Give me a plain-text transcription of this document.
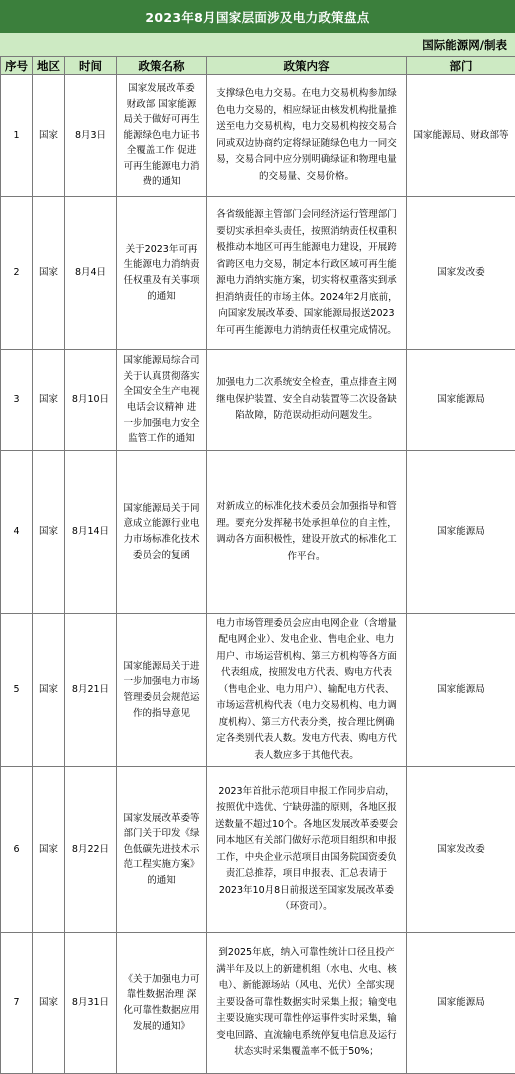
2023年8月国家层面涉及电力政策盘点
国际能源网/制表
序号	地区	时间	政策名称	政策内容	部门
1	国家	8月3日	国家发展改革委 财政部 国家能源局关于做好可再生能源绿色电力证书全覆盖工作 促进可再生能源电力消费的通知	支撑绿色电力交易。在电力交易机构参加绿色电力交易的，相应绿证由核发机构批量推送至电力交易机构，电力交易机构按交易合同或双边协商约定将绿证随绿色电力一同交易，交易合同中应分别明确绿证和物理电量的交易量、交易价格。	国家能源局、财政部等
2	国家	8月4日	关于2023年可再生能源电力消纳责任权重及有关事项的通知	各省级能源主管部门会同经济运行管理部门要切实承担牵头责任，按照消纳责任权重积极推动本地区可再生能源电力建设，开展跨省跨区电力交易，制定本行政区域可再生能源电力消纳实施方案，切实将权重落实到承担消纳责任的市场主体。2024年2月底前，向国家发展改革委、国家能源局报送2023年可再生能源电力消纳责任权重完成情况。	国家发改委
3	国家	8月10日	国家能源局综合司关于认真贯彻落实全国安全生产电视电话会议精神 进一步加强电力安全监管工作的通知	加强电力二次系统安全检查，重点排查主网继电保护装置、安全自动装置等二次设备缺陷故障，防范误动拒动问题发生。	国家能源局
4	国家	8月14日	国家能源局关于同意成立能源行业电力市场标准化技术委员会的复函	对新成立的标准化技术委员会加强指导和管理。要充分发挥秘书处承担单位的自主性，调动各方面积极性，建设开放式的标准化工作平台。	国家能源局
5	国家	8月21日	国家能源局关于进一步加强电力市场管理委员会规范运作的指导意见	电力市场管理委员会应由电网企业（含增量配电网企业）、发电企业、售电企业、电力用户、市场运营机构、第三方机构等各方面代表组成，按照发电方代表、购电方代表（售电企业、电力用户）、输配电方代表、市场运营机构代表（电力交易机构、电力调度机构）、第三方代表分类，按合理比例确定各类别代表人数。发电方代表、购电方代表人数应多于其他代表。	国家能源局
6	国家	8月22日	国家发展改革委等部门关于印发《绿色低碳先进技术示范工程实施方案》的通知	2023年首批示范项目申报工作同步启动，按照优中选优、宁缺毋滥的原则，各地区报送数量不超过10个。各地区发展改革委要会同本地区有关部门做好示范项目组织和申报工作，中央企业示范项目由国务院国资委负责汇总推荐，项目申报表、汇总表请于2023年10月8日前报送至国家发展改革委（环资司）。	国家发改委
7	国家	8月31日	《关于加强电力可靠性数据治理 深化可靠性数据应用发展的通知》	到2025年底，纳入可靠性统计口径且投产满半年及以上的新建机组（水电、火电、核电）、新能源场站（风电、光伏）全部实现主要设备可靠性数据实时采集上报；输变电主要设施实现可靠性停运事件实时采集，输变电回路、直流输电系统停复电信息及运行状态实时采集覆盖率不低于50%；	国家能源局
